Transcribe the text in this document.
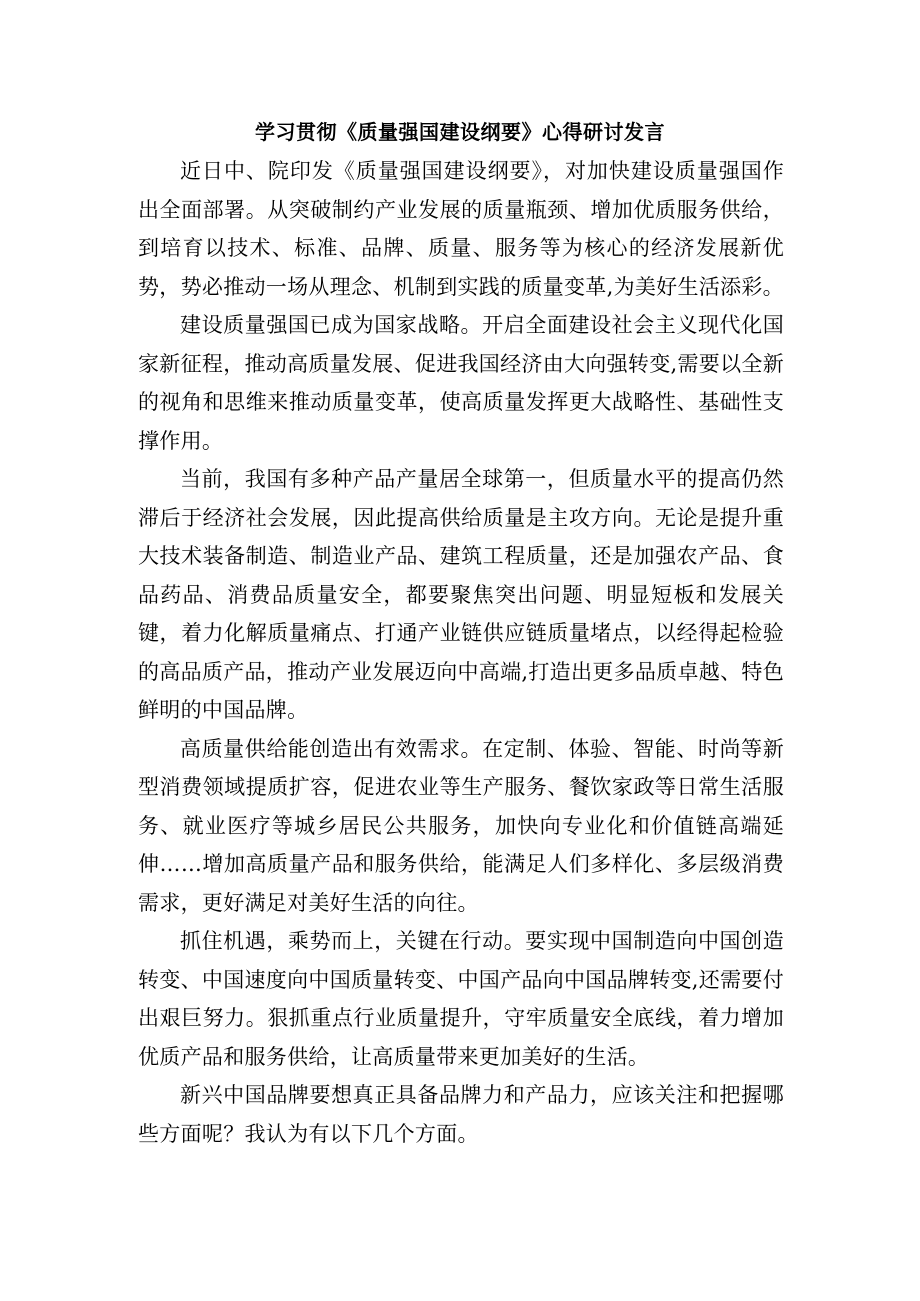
学习贯彻《质量强国建设纲要》心得研讨发言

近日中、院印发《质量强国建设纲要》，对加快建设质量强国作出全面部署。从突破制约产业发展的质量瓶颈、增加优质服务供给，到培育以技术、标准、品牌、质量、服务等为核心的经济发展新优势，势必推动一场从理念、机制到实践的质量变革,为美好生活添彩。

建设质量强国已成为国家战略。开启全面建设社会主义现代化国家新征程，推动高质量发展、促进我国经济由大向强转变,需要以全新的视角和思维来推动质量变革，使高质量发挥更大战略性、基础性支撑作用。

当前，我国有多种产品产量居全球第一，但质量水平的提高仍然滞后于经济社会发展，因此提高供给质量是主攻方向。无论是提升重大技术装备制造、制造业产品、建筑工程质量，还是加强农产品、食品药品、消费品质量安全，都要聚焦突出问题、明显短板和发展关键，着力化解质量痛点、打通产业链供应链质量堵点，以经得起检验的高品质产品，推动产业发展迈向中高端,打造出更多品质卓越、特色鲜明的中国品牌。

高质量供给能创造出有效需求。在定制、体验、智能、时尚等新型消费领域提质扩容，促进农业等生产服务、餐饮家政等日常生活服务、就业医疗等城乡居民公共服务，加快向专业化和价值链高端延伸……增加高质量产品和服务供给，能满足人们多样化、多层级消费需求，更好满足对美好生活的向往。

抓住机遇，乘势而上，关键在行动。要实现中国制造向中国创造转变、中国速度向中国质量转变、中国产品向中国品牌转变,还需要付出艰巨努力。狠抓重点行业质量提升，守牢质量安全底线，着力增加优质产品和服务供给，让高质量带来更加美好的生活。

新兴中国品牌要想真正具备品牌力和产品力，应该关注和把握哪些方面呢？我认为有以下几个方面。
